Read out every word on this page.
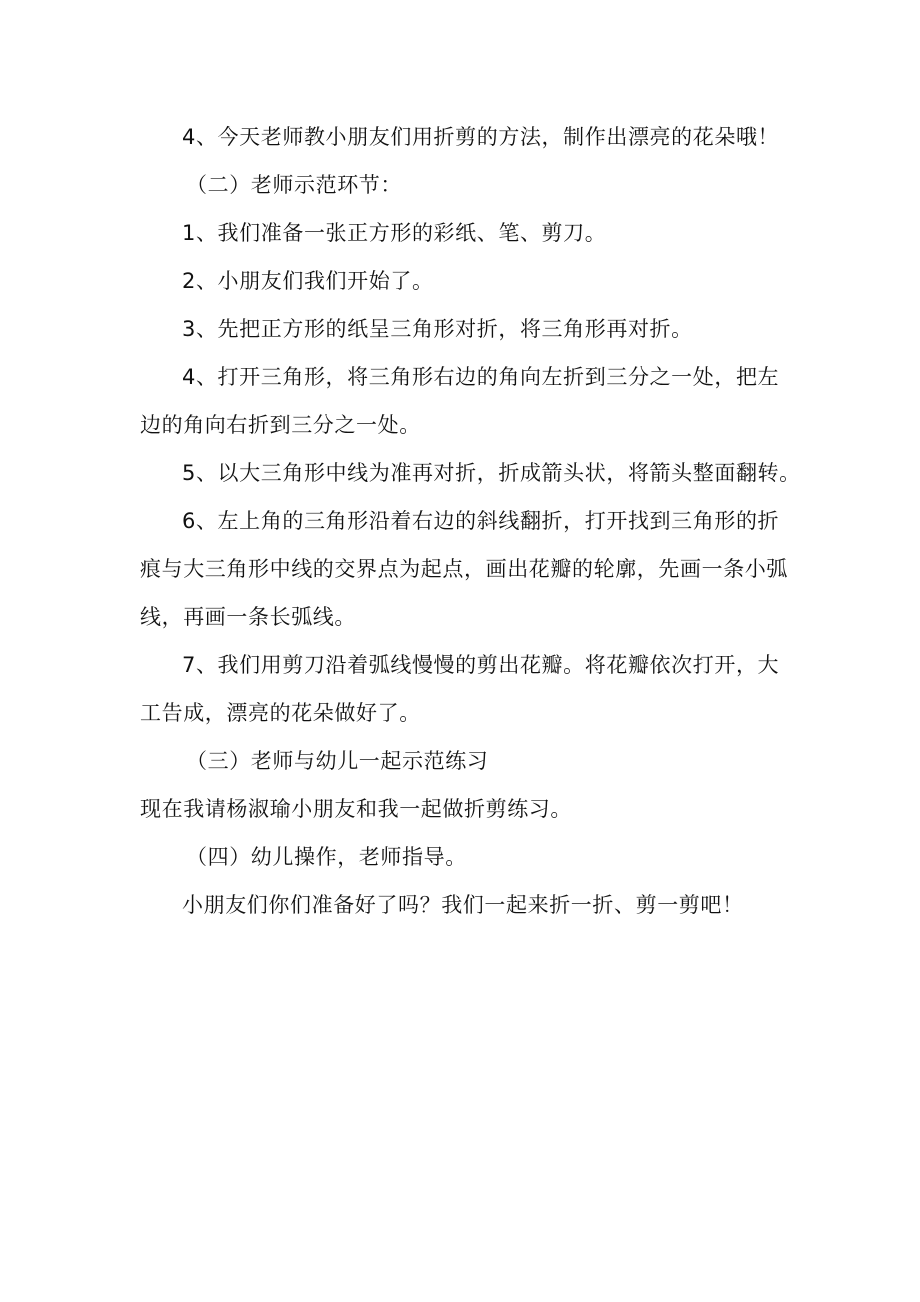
4、今天老师教小朋友们用折剪的方法，制作出漂亮的花朵哦！
（二）老师示范环节：
1、我们准备一张正方形的彩纸、笔、剪刀。
2、小朋友们我们开始了。
3、先把正方形的纸呈三角形对折，将三角形再对折。
4、打开三角形，将三角形右边的角向左折到三分之一处，把左
边的角向右折到三分之一处。
5、以大三角形中线为准再对折，折成箭头状，将箭头整面翻转。
6、左上角的三角形沿着右边的斜线翻折，打开找到三角形的折
痕与大三角形中线的交界点为起点，画出花瓣的轮廓，先画一条小弧
线，再画一条长弧线。
7、我们用剪刀沿着弧线慢慢的剪出花瓣。将花瓣依次打开，大
工告成，漂亮的花朵做好了。
（三）老师与幼儿一起示范练习
现在我请杨淑瑜小朋友和我一起做折剪练习。
（四）幼儿操作，老师指导。
小朋友们你们准备好了吗？我们一起来折一折、剪一剪吧！
